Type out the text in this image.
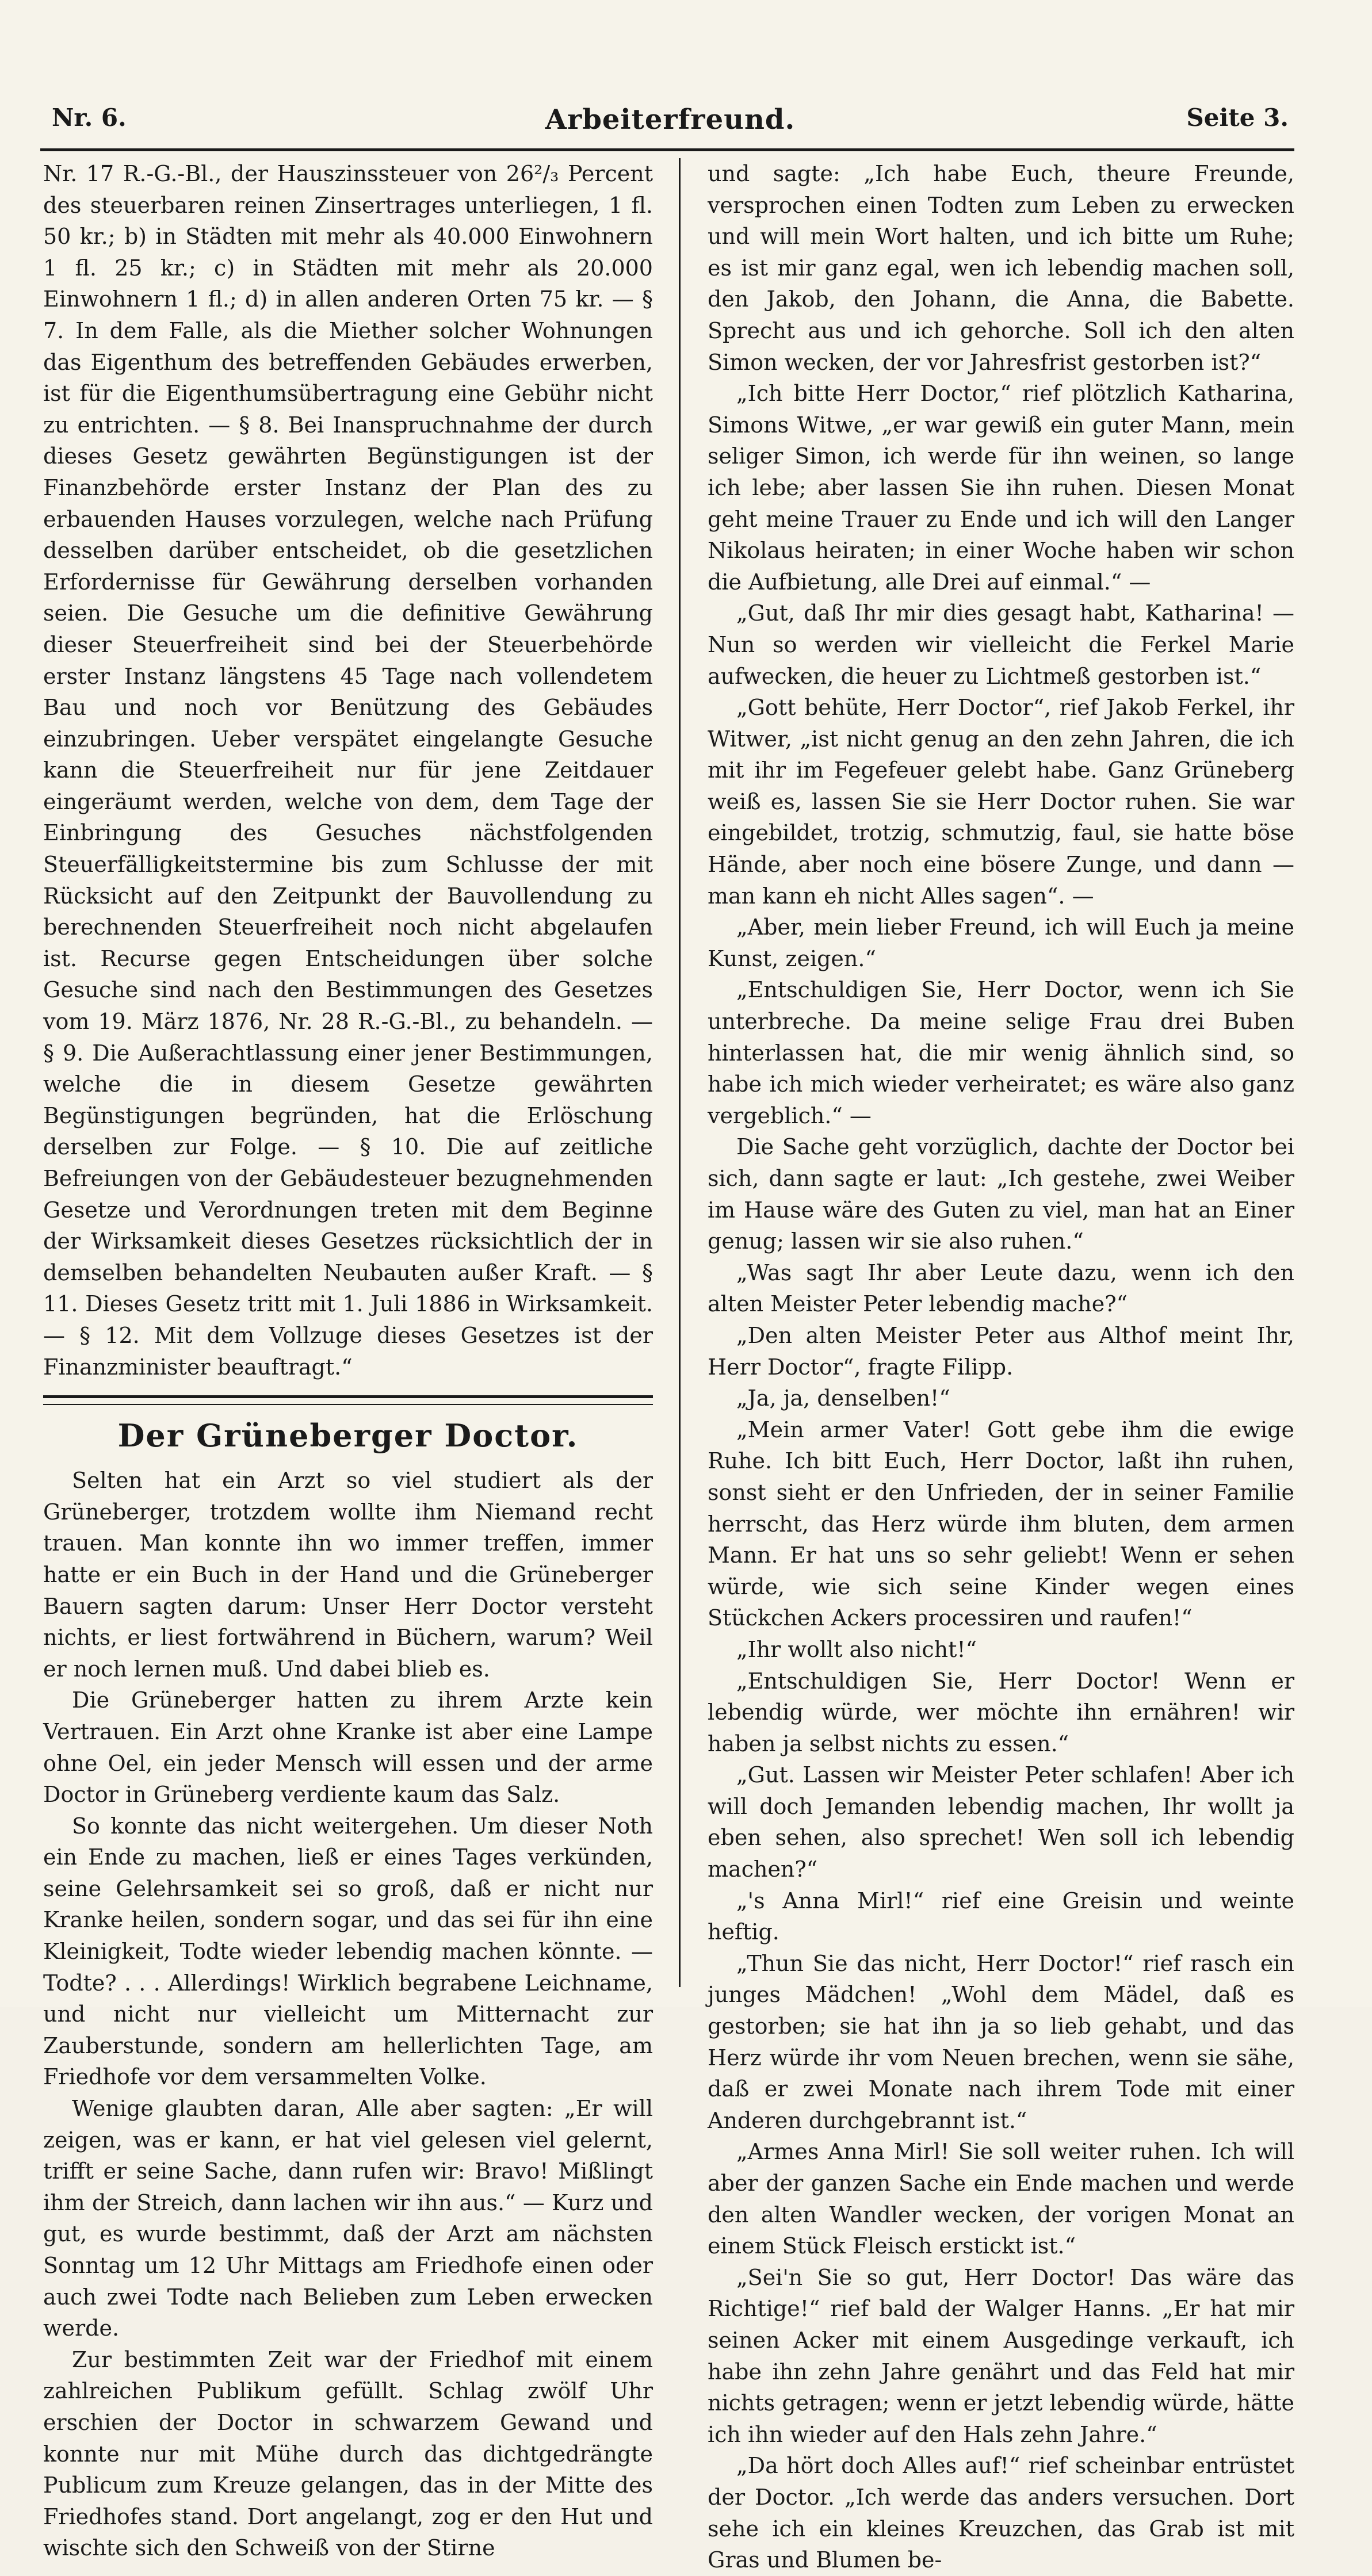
Nr. 6.	Arbeiterfreund.	Seite 3.

Nr. 17 R.-G.-Bl., der Hauszinssteuer von 26²/₃ Percent des steuerbaren reinen Zinsertrages unterliegen, 1 fl. 50 kr.; b) in Städten mit mehr als 40.000 Einwohnern 1 fl. 25 kr.; c) in Städten mit mehr als 20.000 Einwohnern 1 fl.; d) in allen anderen Orten 75 kr. — § 7. In dem Falle, als die Miether solcher Wohnungen das Eigenthum des betreffenden Gebäudes erwerben, ist für die Eigenthumsübertragung eine Gebühr nicht zu entrichten. — § 8. Bei Inanspruchnahme der durch dieses Gesetz gewährten Begünstigungen ist der Finanzbehörde erster Instanz der Plan des zu erbauenden Hauses vorzulegen, welche nach Prüfung desselben darüber entscheidet, ob die gesetzlichen Erfordernisse für Gewährung derselben vorhanden seien. Die Gesuche um die definitive Gewährung dieser Steuerfreiheit sind bei der Steuerbehörde erster Instanz längstens 45 Tage nach vollendetem Bau und noch vor Benützung des Gebäudes einzubringen. Ueber verspätet eingelangte Gesuche kann die Steuerfreiheit nur für jene Zeitdauer eingeräumt werden, welche von dem, dem Tage der Einbringung des Gesuches nächstfolgenden Steuerfälligkeitstermine bis zum Schlusse der mit Rücksicht auf den Zeitpunkt der Bauvollendung zu berechnenden Steuerfreiheit noch nicht abgelaufen ist. Recurse gegen Entscheidungen über solche Gesuche sind nach den Bestimmungen des Gesetzes vom 19. März 1876, Nr. 28 R.-G.-Bl., zu behandeln. — § 9. Die Außerachtlassung einer jener Bestimmungen, welche die in diesem Gesetze gewährten Begünstigungen begründen, hat die Erlöschung derselben zur Folge. — § 10. Die auf zeitliche Befreiungen von der Gebäudesteuer bezugnehmenden Gesetze und Verordnungen treten mit dem Beginne der Wirksamkeit dieses Gesetzes rücksichtlich der in demselben behandelten Neubauten außer Kraft. — § 11. Dieses Gesetz tritt mit 1. Juli 1886 in Wirksamkeit. — § 12. Mit dem Vollzuge dieses Gesetzes ist der Finanzminister beauftragt.“

Der Grüneberger Doctor.

Selten hat ein Arzt so viel studiert als der Grüneberger, trotzdem wollte ihm Niemand recht trauen. Man konnte ihn wo immer treffen, immer hatte er ein Buch in der Hand und die Grüneberger Bauern sagten darum: Unser Herr Doctor versteht nichts, er liest fortwährend in Büchern, warum? Weil er noch lernen muß. Und dabei blieb es.

Die Grüneberger hatten zu ihrem Arzte kein Vertrauen. Ein Arzt ohne Kranke ist aber eine Lampe ohne Oel, ein jeder Mensch will essen und der arme Doctor in Grüneberg verdiente kaum das Salz.

So konnte das nicht weitergehen. Um dieser Noth ein Ende zu machen, ließ er eines Tages verkünden, seine Gelehrsamkeit sei so groß, daß er nicht nur Kranke heilen, sondern sogar, und das sei für ihn eine Kleinigkeit, Todte wieder lebendig machen könnte. — Todte? . . . Allerdings! Wirklich begrabene Leichname, und nicht nur vielleicht um Mitternacht zur Zauberstunde, sondern am hellerlichten Tage, am Friedhofe vor dem versammelten Volke.

Wenige glaubten daran, Alle aber sagten: „Er will zeigen, was er kann, er hat viel gelesen viel gelernt, trifft er seine Sache, dann rufen wir: Bravo! Mißlingt ihm der Streich, dann lachen wir ihn aus.“ — Kurz und gut, es wurde bestimmt, daß der Arzt am nächsten Sonntag um 12 Uhr Mittags am Friedhofe einen oder auch zwei Todte nach Belieben zum Leben erwecken werde.

Zur bestimmten Zeit war der Friedhof mit einem zahlreichen Publikum gefüllt. Schlag zwölf Uhr erschien der Doctor in schwarzem Gewand und konnte nur mit Mühe durch das dichtgedrängte Publicum zum Kreuze gelangen, das in der Mitte des Friedhofes stand. Dort angelangt, zog er den Hut und wischte sich den Schweiß von der Stirne

und sagte: „Ich habe Euch, theure Freunde, versprochen einen Todten zum Leben zu erwecken und will mein Wort halten, und ich bitte um Ruhe; es ist mir ganz egal, wen ich lebendig machen soll, den Jakob, den Johann, die Anna, die Babette. Sprecht aus und ich gehorche. Soll ich den alten Simon wecken, der vor Jahresfrist gestorben ist?“

„Ich bitte Herr Doctor,“ rief plötzlich Katharina, Simons Witwe, „er war gewiß ein guter Mann, mein seliger Simon, ich werde für ihn weinen, so lange ich lebe; aber lassen Sie ihn ruhen. Diesen Monat geht meine Trauer zu Ende und ich will den Langer Nikolaus heiraten; in einer Woche haben wir schon die Aufbietung, alle Drei auf einmal.“ —

„Gut, daß Ihr mir dies gesagt habt, Katharina! — Nun so werden wir vielleicht die Ferkel Marie aufwecken, die heuer zu Lichtmeß gestorben ist.“

„Gott behüte, Herr Doctor“, rief Jakob Ferkel, ihr Witwer, „ist nicht genug an den zehn Jahren, die ich mit ihr im Fegefeuer gelebt habe. Ganz Grüneberg weiß es, lassen Sie sie Herr Doctor ruhen. Sie war eingebildet, trotzig, schmutzig, faul, sie hatte böse Hände, aber noch eine bösere Zunge, und dann — man kann eh nicht Alles sagen“. —

„Aber, mein lieber Freund, ich will Euch ja meine Kunst, zeigen.“

„Entschuldigen Sie, Herr Doctor, wenn ich Sie unterbreche. Da meine selige Frau drei Buben hinterlassen hat, die mir wenig ähnlich sind, so habe ich mich wieder verheiratet; es wäre also ganz vergeblich.“ —

Die Sache geht vorzüglich, dachte der Doctor bei sich, dann sagte er laut: „Ich gestehe, zwei Weiber im Hause wäre des Guten zu viel, man hat an Einer genug; lassen wir sie also ruhen.“

„Was sagt Ihr aber Leute dazu, wenn ich den alten Meister Peter lebendig mache?“

„Den alten Meister Peter aus Althof meint Ihr, Herr Doctor“, fragte Filipp.

„Ja, ja, denselben!“

„Mein armer Vater! Gott gebe ihm die ewige Ruhe. Ich bitt Euch, Herr Doctor, laßt ihn ruhen, sonst sieht er den Unfrieden, der in seiner Familie herrscht, das Herz würde ihm bluten, dem armen Mann. Er hat uns so sehr geliebt! Wenn er sehen würde, wie sich seine Kinder wegen eines Stückchen Ackers processiren und raufen!“

„Ihr wollt also nicht!“

„Entschuldigen Sie, Herr Doctor! Wenn er lebendig würde, wer möchte ihn ernähren! wir haben ja selbst nichts zu essen.“

„Gut. Lassen wir Meister Peter schlafen! Aber ich will doch Jemanden lebendig machen, Ihr wollt ja eben sehen, also sprechet! Wen soll ich lebendig machen?“

„'s Anna Mirl!“ rief eine Greisin und weinte heftig.

„Thun Sie das nicht, Herr Doctor!“ rief rasch ein junges Mädchen! „Wohl dem Mädel, daß es gestorben; sie hat ihn ja so lieb gehabt, und das Herz würde ihr vom Neuen brechen, wenn sie sähe, daß er zwei Monate nach ihrem Tode mit einer Anderen durchgebrannt ist.“

„Armes Anna Mirl! Sie soll weiter ruhen. Ich will aber der ganzen Sache ein Ende machen und werde den alten Wandler wecken, der vorigen Monat an einem Stück Fleisch erstickt ist.“

„Sei'n Sie so gut, Herr Doctor! Das wäre das Richtige!“ rief bald der Walger Hanns. „Er hat mir seinen Acker mit einem Ausgedinge verkauft, ich habe ihn zehn Jahre genährt und das Feld hat mir nichts getragen; wenn er jetzt lebendig würde, hätte ich ihn wieder auf den Hals zehn Jahre.“

„Da hört doch Alles auf!“ rief scheinbar entrüstet der Doctor. „Ich werde das anders versuchen. Dort sehe ich ein kleines Kreuzchen, das Grab ist mit Gras und Blumen be-
